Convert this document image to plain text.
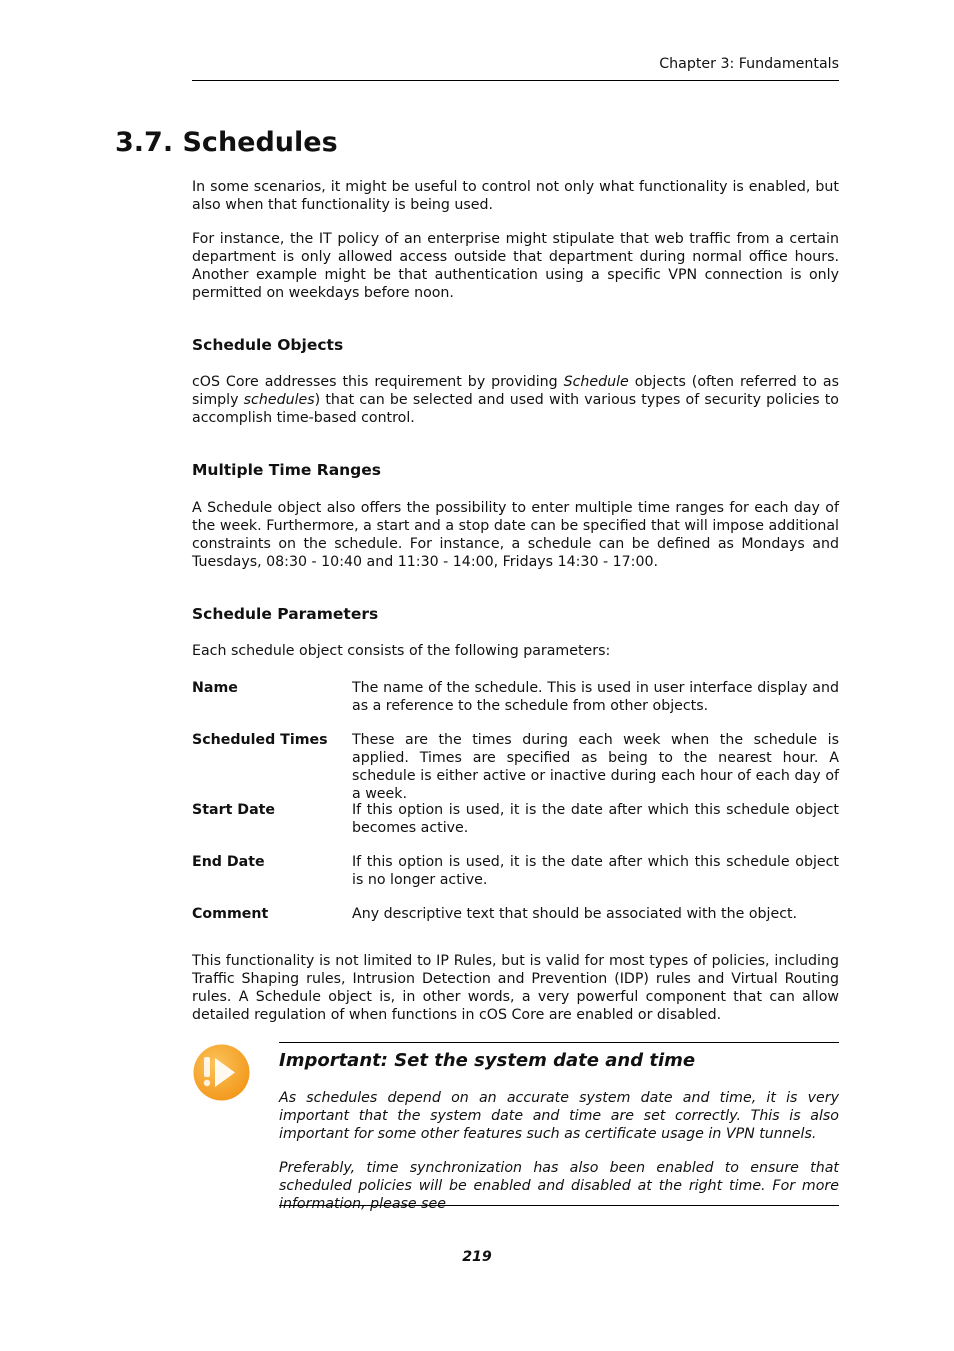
Chapter 3: Fundamentals
3.7. Schedules

In some scenarios, it might be useful to control not only what functionality is enabled, but also when that functionality is being used.

For instance, the IT policy of an enterprise might stipulate that web traffic from a certain department is only allowed access outside that department during normal office hours. Another example might be that authentication using a specific VPN connection is only permitted on weekdays before noon.

Schedule Objects

cOS Core addresses this requirement by providing Schedule objects (often referred to as simply schedules) that can be selected and used with various types of security policies to accomplish time-based control.

Multiple Time Ranges

A Schedule object also offers the possibility to enter multiple time ranges for each day of the week. Furthermore, a start and a stop date can be specified that will impose additional constraints on the schedule. For instance, a schedule can be defined as Mondays and Tuesdays, 08:30 - 10:40 and 11:30 - 14:00, Fridays 14:30 - 17:00.

Schedule Parameters

Each schedule object consists of the following parameters:

Name	The name of the schedule. This is used in user interface display and as a reference to the schedule from other objects.
Scheduled Times	These are the times during each week when the schedule is applied. Times are specified as being to the nearest hour. A schedule is either active or inactive during each hour of each day of a week.
Start Date	If this option is used, it is the date after which this schedule object becomes active.
End Date	If this option is used, it is the date after which this schedule object is no longer active.
Comment	Any descriptive text that should be associated with the object.

This functionality is not limited to IP Rules, but is valid for most types of policies, including Traffic Shaping rules, Intrusion Detection and Prevention (IDP) rules and Virtual Routing rules. A Schedule object is, in other words, a very powerful component that can allow detailed regulation of when functions in cOS Core are enabled or disabled.

Important: Set the system date and time

As schedules depend on an accurate system date and time, it is very important that the system date and time are set correctly. This is also important for some other features such as certificate usage in VPN tunnels.

Preferably, time synchronization has also been enabled to ensure that scheduled policies will be enabled and disabled at the right time. For more information, please see

219
